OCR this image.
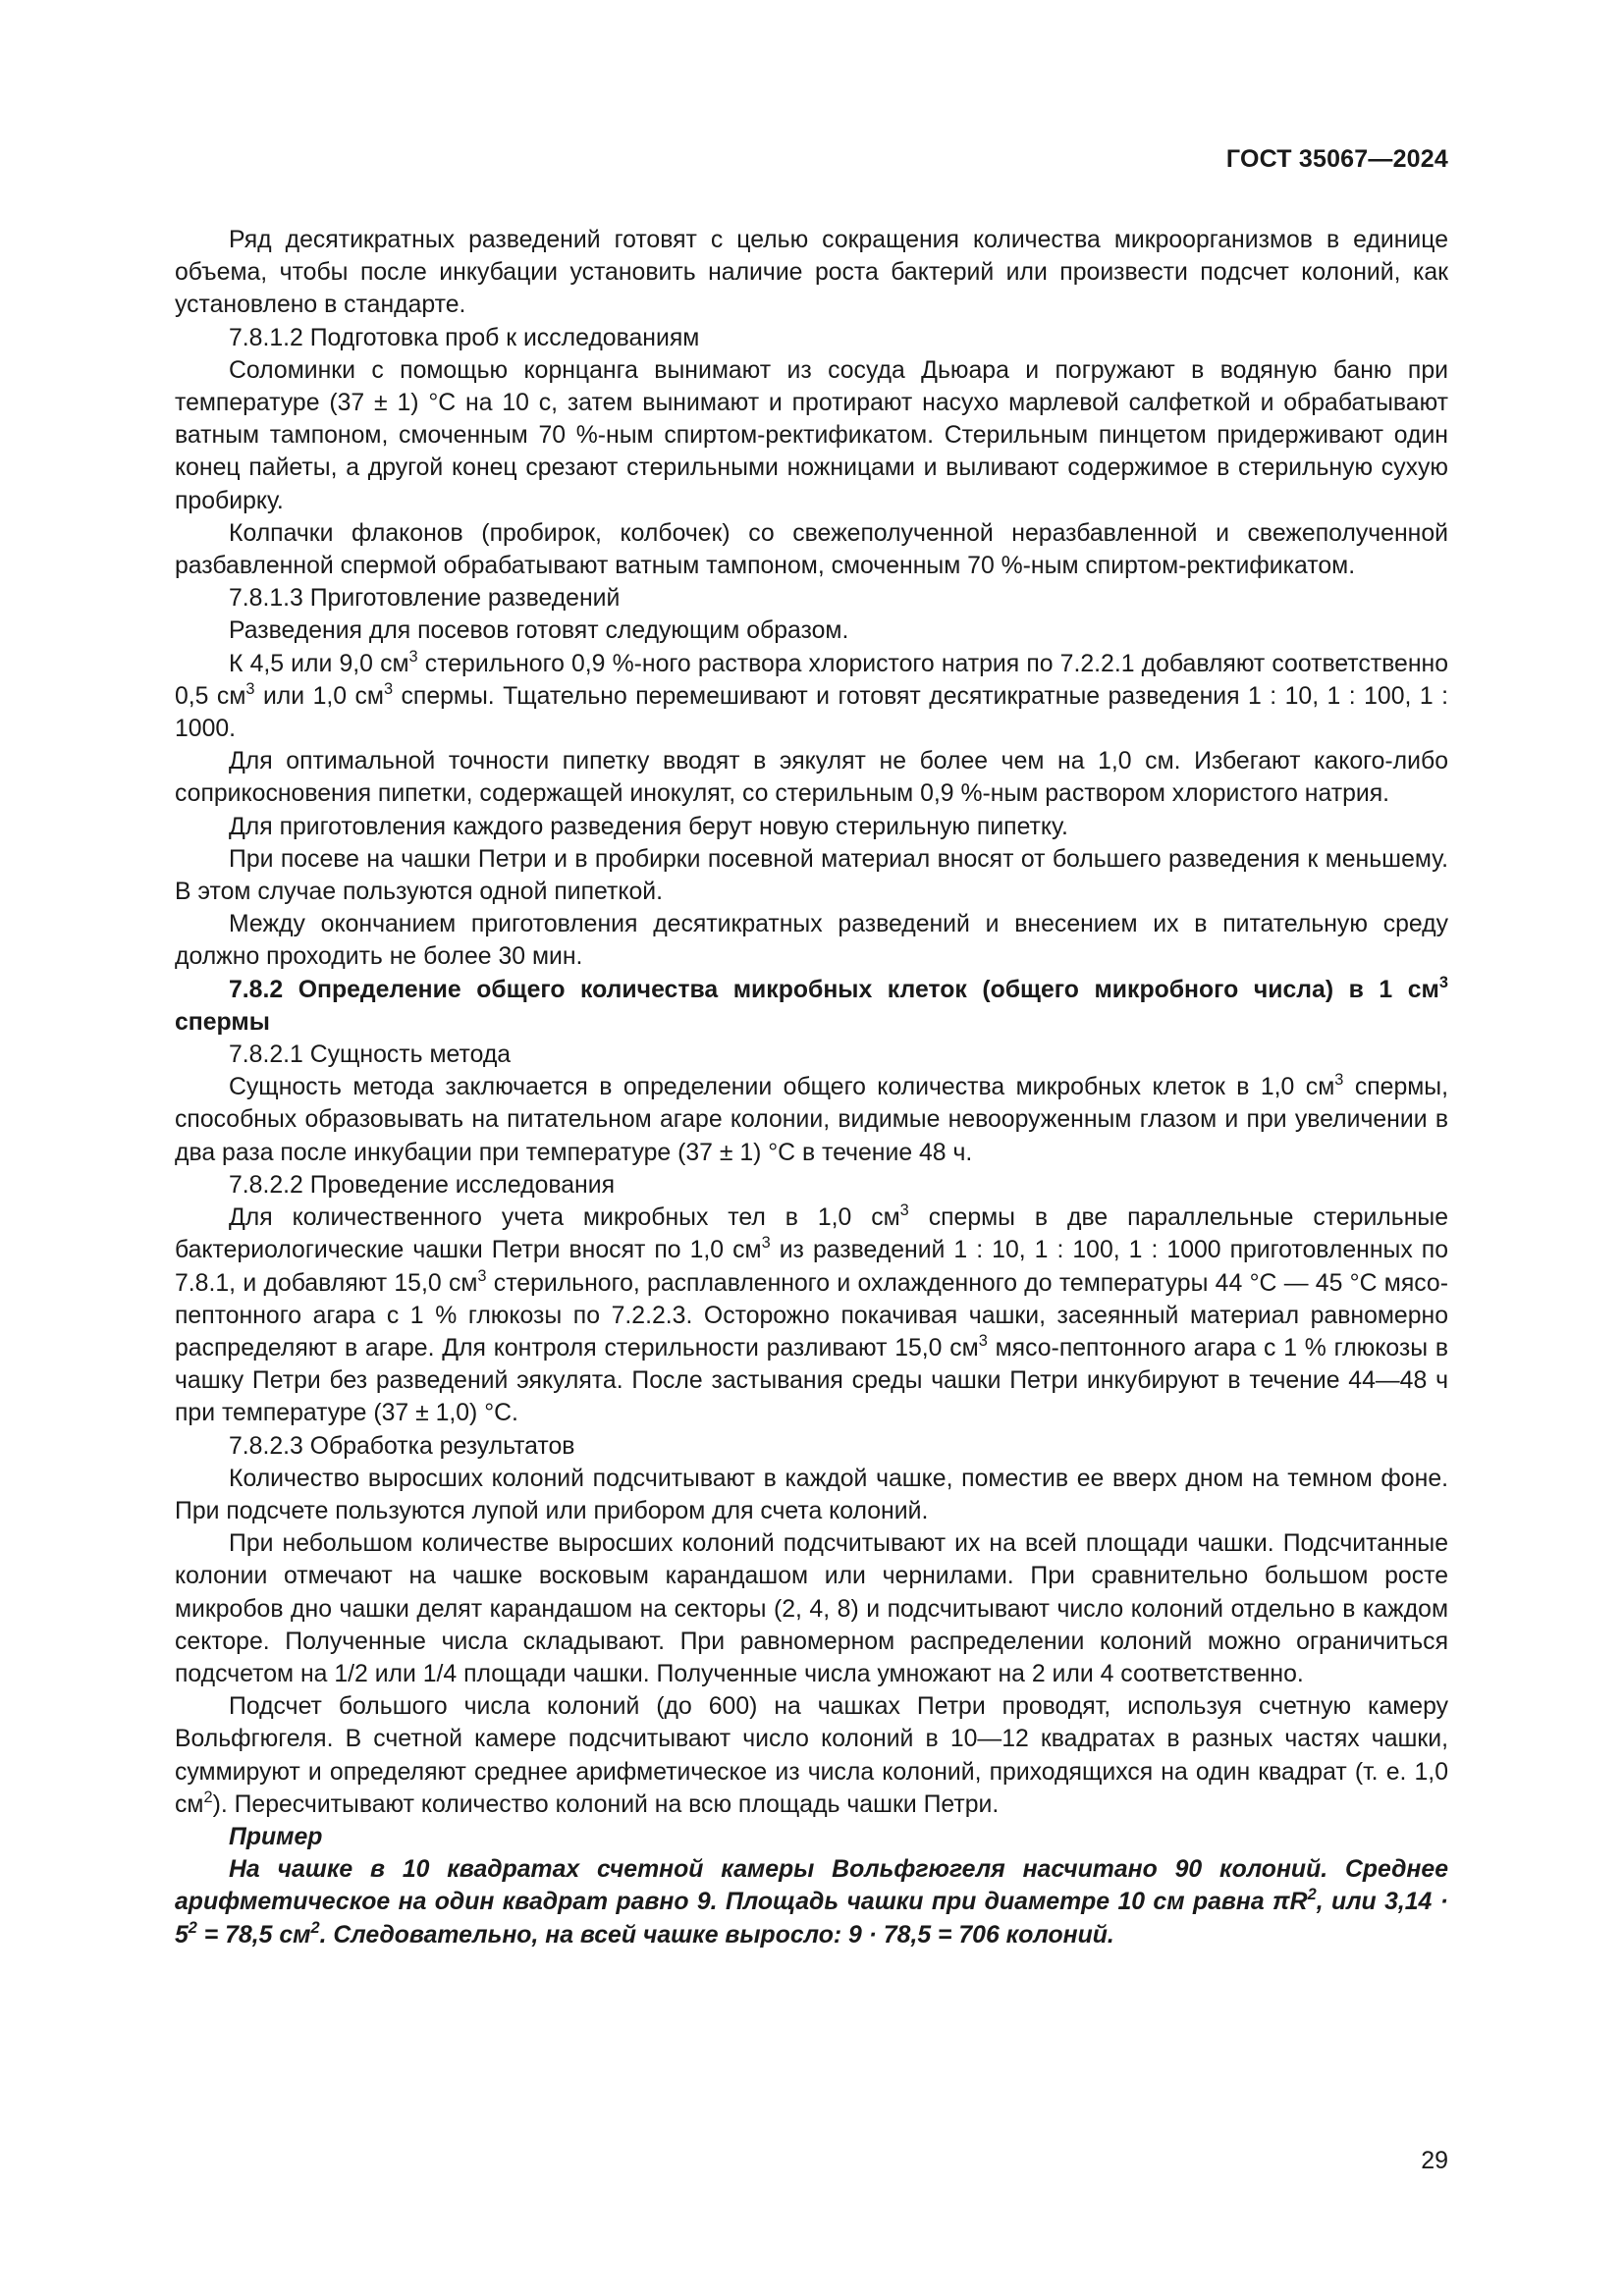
ГОСТ 35067—2024

Ряд десятикратных разведений готовят с целью сокращения количества микроорганизмов в единице объема, чтобы после инкубации установить наличие роста бактерий или произвести подсчет колоний, как установлено в стандарте.

7.8.1.2 Подготовка проб к исследованиям

Соломинки с помощью корнцанга вынимают из сосуда Дьюара и погружают в водяную баню при температуре (37 ± 1) °С на 10 с, затем вынимают и протирают насухо марлевой салфеткой и обрабатывают ватным тампоном, смоченным 70 %-ным спиртом-ректификатом. Стерильным пинцетом придерживают один конец пайеты, а другой конец срезают стерильными ножницами и выливают содержимое в стерильную сухую пробирку.

Колпачки флаконов (пробирок, колбочек) со свежеполученной неразбавленной и свежеполученной разбавленной спермой обрабатывают ватным тампоном, смоченным 70 %-ным спиртом-ректификатом.

7.8.1.3 Приготовление разведений

Разведения для посевов готовят следующим образом.

К 4,5 или 9,0 $см^3$ стерильного 0,9 %-ного раствора хлористого натрия по 7.2.2.1 добавляют соответственно 0,5 $см^3$ или 1,0 $см^3$ спермы. Тщательно перемешивают и готовят десятикратные разведения 1 : 10, 1 : 100, 1 : 1000.

Для оптимальной точности пипетку вводят в эякулят не более чем на 1,0 см. Избегают какого-либо соприкосновения пипетки, содержащей инокулят, со стерильным 0,9 %-ным раствором хлористого натрия.

Для приготовления каждого разведения берут новую стерильную пипетку.

При посеве на чашки Петри и в пробирки посевной материал вносят от большего разведения к меньшему. В этом случае пользуются одной пипеткой.

Между окончанием приготовления десятикратных разведений и внесением их в питательную среду должно проходить не более 30 мин.

7.8.2 Определение общего количества микробных клеток (общего микробного числа) в 1 $см^3$ спермы

7.8.2.1 Сущность метода

Сущность метода заключается в определении общего количества микробных клеток в 1,0 $см^3$ спермы, способных образовывать на питательном агаре колонии, видимые невооруженным глазом и при увеличении в два раза после инкубации при температуре (37 ± 1) °С в течение 48 ч.

7.8.2.2 Проведение исследования

Для количественного учета микробных тел в 1,0 $см^3$ спермы в две параллельные стерильные бактериологические чашки Петри вносят по 1,0 $см^3$ из разведений 1 : 10, 1 : 100, 1 : 1000 приготовленных по 7.8.1, и добавляют 15,0 $см^3$ стерильного, расплавленного и охлажденного до температуры 44 °С — 45 °С мясо-пептонного агара с 1 % глюкозы по 7.2.2.3. Осторожно покачивая чашки, засеянный материал равномерно распределяют в агаре. Для контроля стерильности разливают 15,0 $см^3$ мясо-пептонного агара с 1 % глюкозы в чашку Петри без разведений эякулята. После застывания среды чашки Петри инкубируют в течение 44—48 ч при температуре (37 ± 1,0) °С.

7.8.2.3 Обработка результатов

Количество выросших колоний подсчитывают в каждой чашке, поместив ее вверх дном на темном фоне. При подсчете пользуются лупой или прибором для счета колоний.

При небольшом количестве выросших колоний подсчитывают их на всей площади чашки. Подсчитанные колонии отмечают на чашке восковым карандашом или чернилами. При сравнительно большом росте микробов дно чашки делят карандашом на секторы (2, 4, 8) и подсчитывают число колоний отдельно в каждом секторе. Полученные числа складывают. При равномерном распределении колоний можно ограничиться подсчетом на 1/2 или 1/4 площади чашки. Полученные числа умножают на 2 или 4 соответственно.

Подсчет большого числа колоний (до 600) на чашках Петри проводят, используя счетную камеру Вольфгюгеля. В счетной камере подсчитывают число колоний в 10—12 квадратах в разных частях чашки, суммируют и определяют среднее арифметическое из числа колоний, приходящихся на один квадрат (т. е. 1,0 $см^2$). Пересчитывают количество колоний на всю площадь чашки Петри.

Пример

На чашке в 10 квадратах счетной камеры Вольфгюгеля насчитано 90 колоний. Среднее арифметическое на один квадрат равно 9. Площадь чашки при диаметре 10 см равна $\pi R^2$, или $3,14 \cdot 5^2 = 78,5$ $см^2$. Следовательно, на всей чашке выросло: 9 · 78,5 = 706 колоний.

29
